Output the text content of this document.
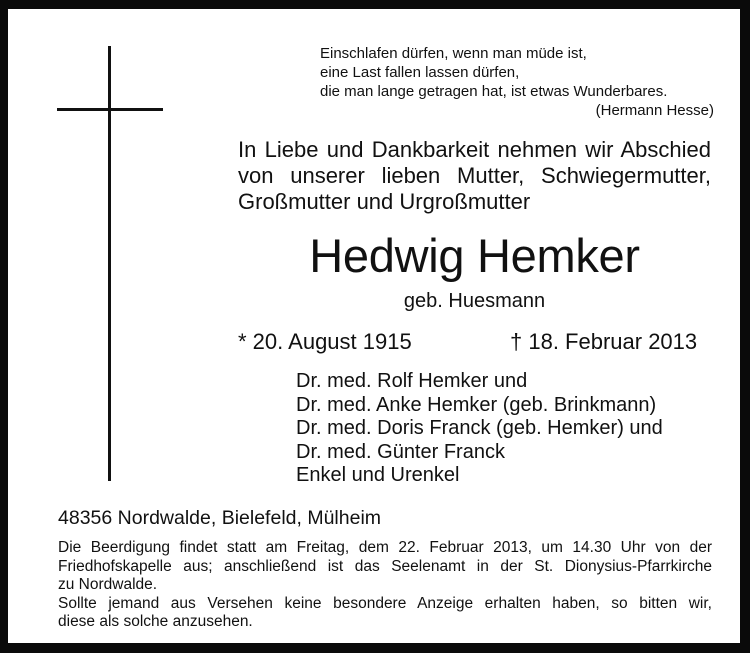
Einschlafen dürfen, wenn man müde ist,
eine Last fallen lassen dürfen,
die man lange getragen hat, ist etwas Wunderbares.
(Hermann Hesse)
In Liebe und Dankbarkeit nehmen wir Abschied
von unserer lieben Mutter, Schwiegermutter,
Großmutter und Urgroßmutter
Hedwig Hemker
geb. Huesmann
* 20. August 1915	† 18. Februar 2013
Dr. med. Rolf Hemker und
Dr. med. Anke Hemker (geb. Brinkmann)
Dr. med. Doris Franck (geb. Hemker) und
Dr. med. Günter Franck
Enkel und Urenkel
48356 Nordwalde, Bielefeld, Mülheim
Die Beerdigung findet statt am Freitag, dem 22. Februar 2013, um 14.30 Uhr von der
Friedhofskapelle aus; anschließend ist das Seelenamt in der St. Dionysius-Pfarrkirche
zu Nordwalde.
Sollte jemand aus Versehen keine besondere Anzeige erhalten haben, so bitten wir,
diese als solche anzusehen.
